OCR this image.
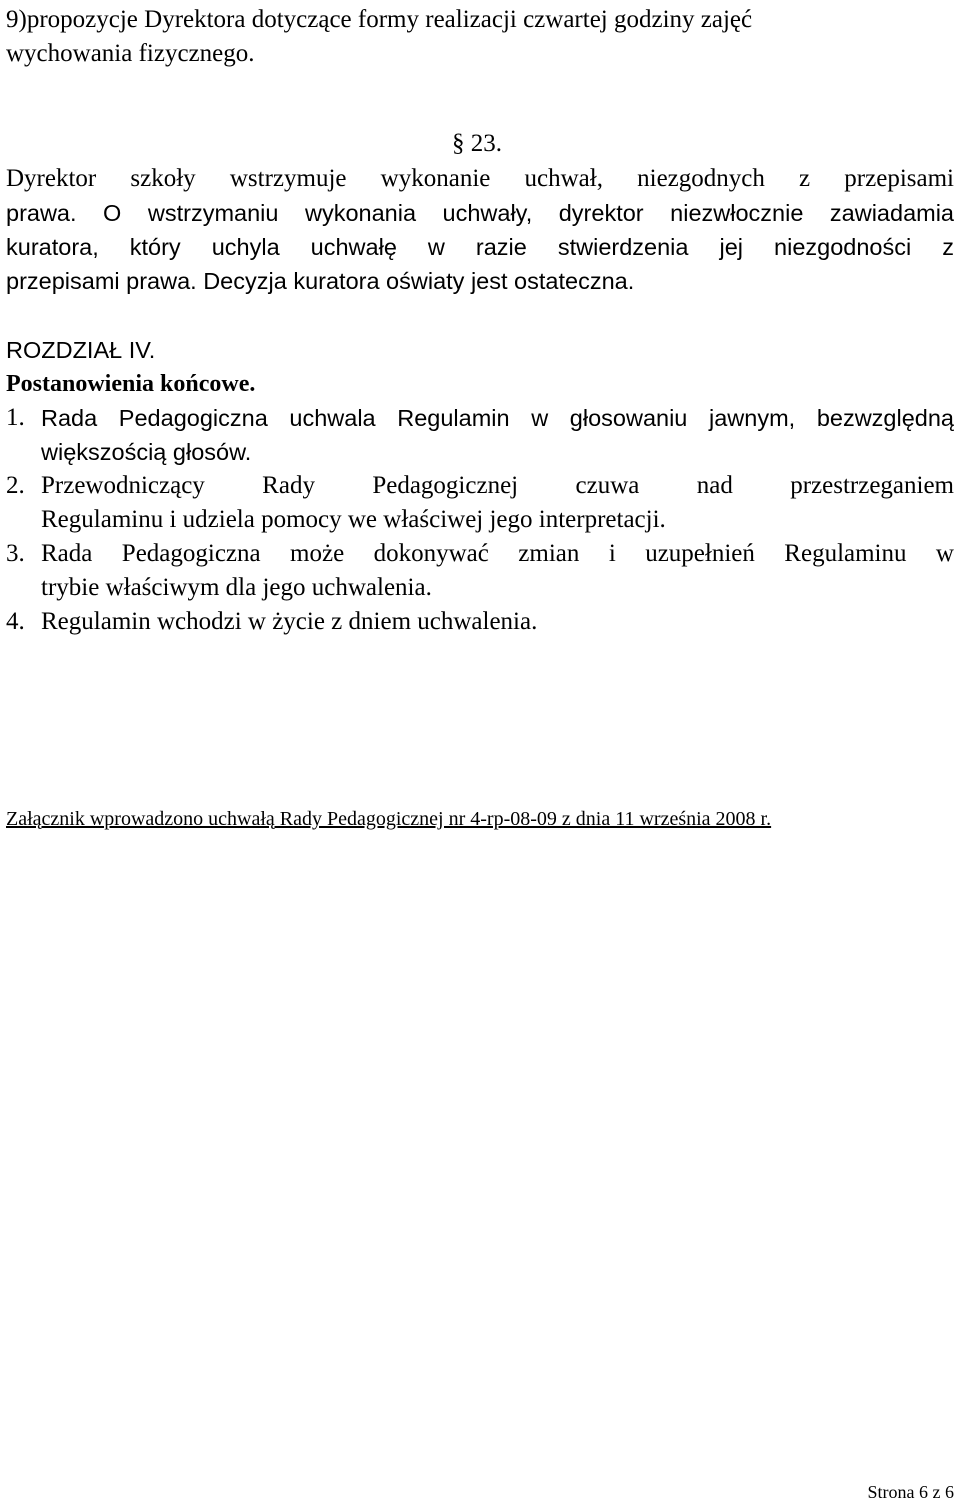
9)propozycje Dyrektora dotyczące formy realizacji czwartej godziny zajęć
wychowania fizycznego.
§ 23.
Dyrektor szkoły wstrzymuje wykonanie uchwał, niezgodnych z przepisami
prawa. O wstrzymaniu wykonania uchwały, dyrektor niezwłocznie zawiadamia
kuratora, który uchyla uchwałę w razie stwierdzenia jej niezgodności z
przepisami prawa. Decyzja kuratora oświaty jest ostateczna.
ROZDZIAŁ IV.
Postanowienia końcowe.
1. Rada Pedagogiczna uchwala Regulamin w głosowaniu jawnym, bezwzględną
większością głosów.
2. Przewodniczący Rady Pedagogicznej czuwa nad przestrzeganiem
Regulaminu i udziela pomocy we właściwej jego interpretacji.
3. Rada Pedagogiczna może dokonywać zmian i uzupełnień Regulaminu w
trybie właściwym dla jego uchwalenia.
4. Regulamin wchodzi w życie z dniem uchwalenia.
Załącznik wprowadzono uchwałą Rady Pedagogicznej nr 4-rp-08-09 z dnia 11 września 2008 r.
Strona 6 z 6
